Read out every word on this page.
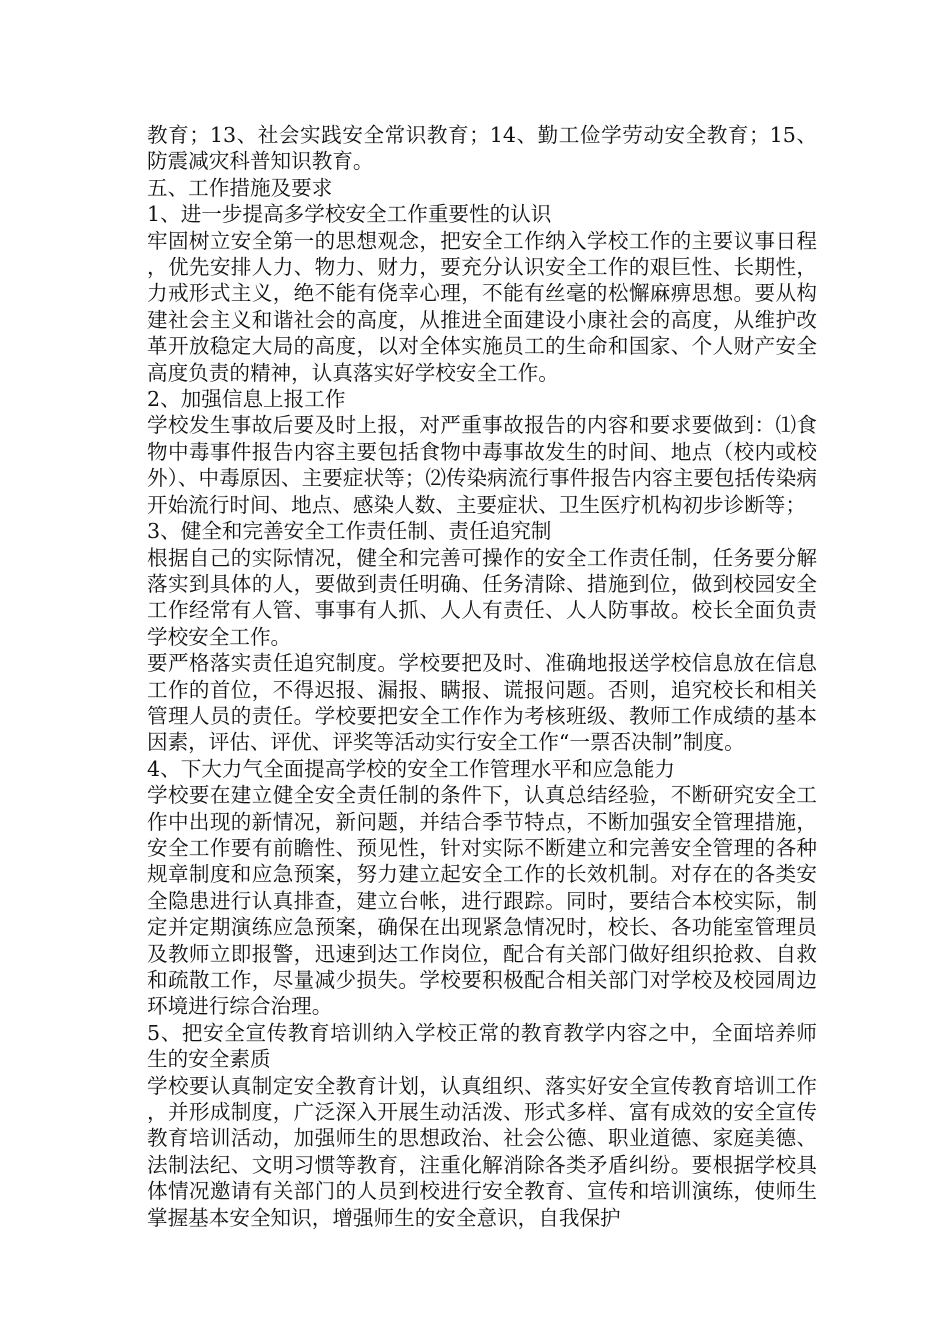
教育；13、社会实践安全常识教育；14、勤工俭学劳动安全教育；15、防震减灾科普知识教育。

五、工作措施及要求

1、进一步提高多学校安全工作重要性的认识

牢固树立安全第一的思想观念，把安全工作纳入学校工作的主要议事日程，优先安排人力、物力、财力，要充分认识安全工作的艰巨性、长期性，力戒形式主义，绝不能有侥幸心理，不能有丝毫的松懈麻痹思想。要从构建社会主义和谐社会的高度，从推进全面建设小康社会的高度，从维护改革开放稳定大局的高度，以对全体实施员工的生命和国家、个人财产安全高度负责的精神，认真落实好学校安全工作。

2、加强信息上报工作

学校发生事故后要及时上报，对严重事故报告的内容和要求要做到：⑴食物中毒事件报告内容主要包括食物中毒事故发生的时间、地点（校内或校外）、中毒原因、主要症状等；⑵传染病流行事件报告内容主要包括传染病开始流行时间、地点、感染人数、主要症状、卫生医疗机构初步诊断等；

3、健全和完善安全工作责任制、责任追究制

根据自己的实际情况，健全和完善可操作的安全工作责任制，任务要分解落实到具体的人，要做到责任明确、任务清除、措施到位，做到校园安全工作经常有人管、事事有人抓、人人有责任、人人防事故。校长全面负责学校安全工作。

要严格落实责任追究制度。学校要把及时、准确地报送学校信息放在信息工作的首位，不得迟报、漏报、瞒报、谎报问题。否则，追究校长和相关管理人员的责任。学校要把安全工作作为考核班级、教师工作成绩的基本因素，评估、评优、评奖等活动实行安全工作“一票否决制”制度。

4、下大力气全面提高学校的安全工作管理水平和应急能力

学校要在建立健全安全责任制的条件下，认真总结经验，不断研究安全工作中出现的新情况，新问题，并结合季节特点，不断加强安全管理措施，安全工作要有前瞻性、预见性，针对实际不断建立和完善安全管理的各种规章制度和应急预案，努力建立起安全工作的长效机制。对存在的各类安全隐患进行认真排查，建立台帐，进行跟踪。同时，要结合本校实际，制定并定期演练应急预案，确保在出现紧急情况时，校长、各功能室管理员及教师立即报警，迅速到达工作岗位，配合有关部门做好组织抢救、自救和疏散工作，尽量减少损失。学校要积极配合相关部门对学校及校园周边环境进行综合治理。

5、把安全宣传教育培训纳入学校正常的教育教学内容之中，全面培养师生的安全素质

学校要认真制定安全教育计划，认真组织、落实好安全宣传教育培训工作，并形成制度，广泛深入开展生动活泼、形式多样、富有成效的安全宣传教育培训活动，加强师生的思想政治、社会公德、职业道德、家庭美德、法制法纪、文明习惯等教育，注重化解消除各类矛盾纠纷。要根据学校具体情况邀请有关部门的人员到校进行安全教育、宣传和培训演练，使师生掌握基本安全知识，增强师生的安全意识，自我保护
